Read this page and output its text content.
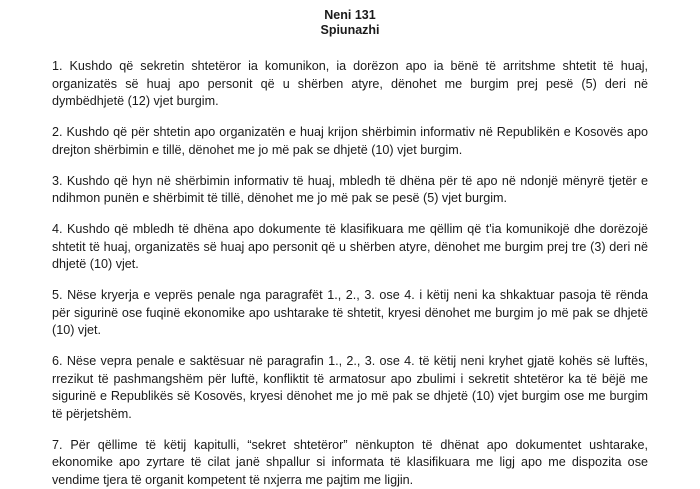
Neni 131

Spiunazhi

1. Kushdo që sekretin shtetëror ia komunikon, ia dorëzon apo ia bënë të arritshme shtetit të huaj, organizatës së huaj apo personit që u shërben atyre, dënohet me burgim prej pesë (5) deri në dymbëdhjetë (12) vjet burgim.

2. Kushdo që për shtetin apo organizatën e huaj krijon shërbimin informativ në Republikën e Kosovës apo drejton shërbimin e tillë, dënohet me jo më pak se dhjetë (10) vjet burgim.

3. Kushdo që hyn në shërbimin informativ të huaj, mbledh të dhëna për të apo në ndonjë mënyrë tjetër e ndihmon punën e shërbimit të tillë, dënohet me jo më pak se pesë (5) vjet burgim.

4. Kushdo që mbledh të dhëna apo dokumente të klasifikuara me qëllim që t'ia komunikojë dhe dorëzojë shtetit të huaj, organizatës së huaj apo personit që u shërben atyre, dënohet me burgim prej tre (3) deri në dhjetë (10) vjet.

5. Nëse kryerja e veprës penale nga paragrafët 1., 2., 3. ose 4. i këtij neni ka shkaktuar pasoja të rënda për sigurinë ose fuqinë ekonomike apo ushtarake të shtetit, kryesi dënohet me burgim jo më pak se dhjetë (10) vjet.

6. Nëse vepra penale e saktësuar në paragrafin 1., 2., 3. ose 4. të këtij neni kryhet gjatë kohës së luftës, rrezikut të pashmangshëm për luftë, konfliktit të armatosur apo zbulimi i sekretit shtetëror ka të bëjë me sigurinë e Republikës së Kosovës, kryesi dënohet me jo më pak se dhjetë (10) vjet burgim ose me burgim të përjetshëm.

7. Për qëllime të këtij kapitulli, “sekret shtetëror” nënkupton të dhënat apo dokumentet ushtarake, ekonomike apo zyrtare të cilat janë shpallur si informata të klasifikuara me ligj apo me dispozita ose vendime tjera të organit kompetent të nxjerra me pajtim me ligjin.
